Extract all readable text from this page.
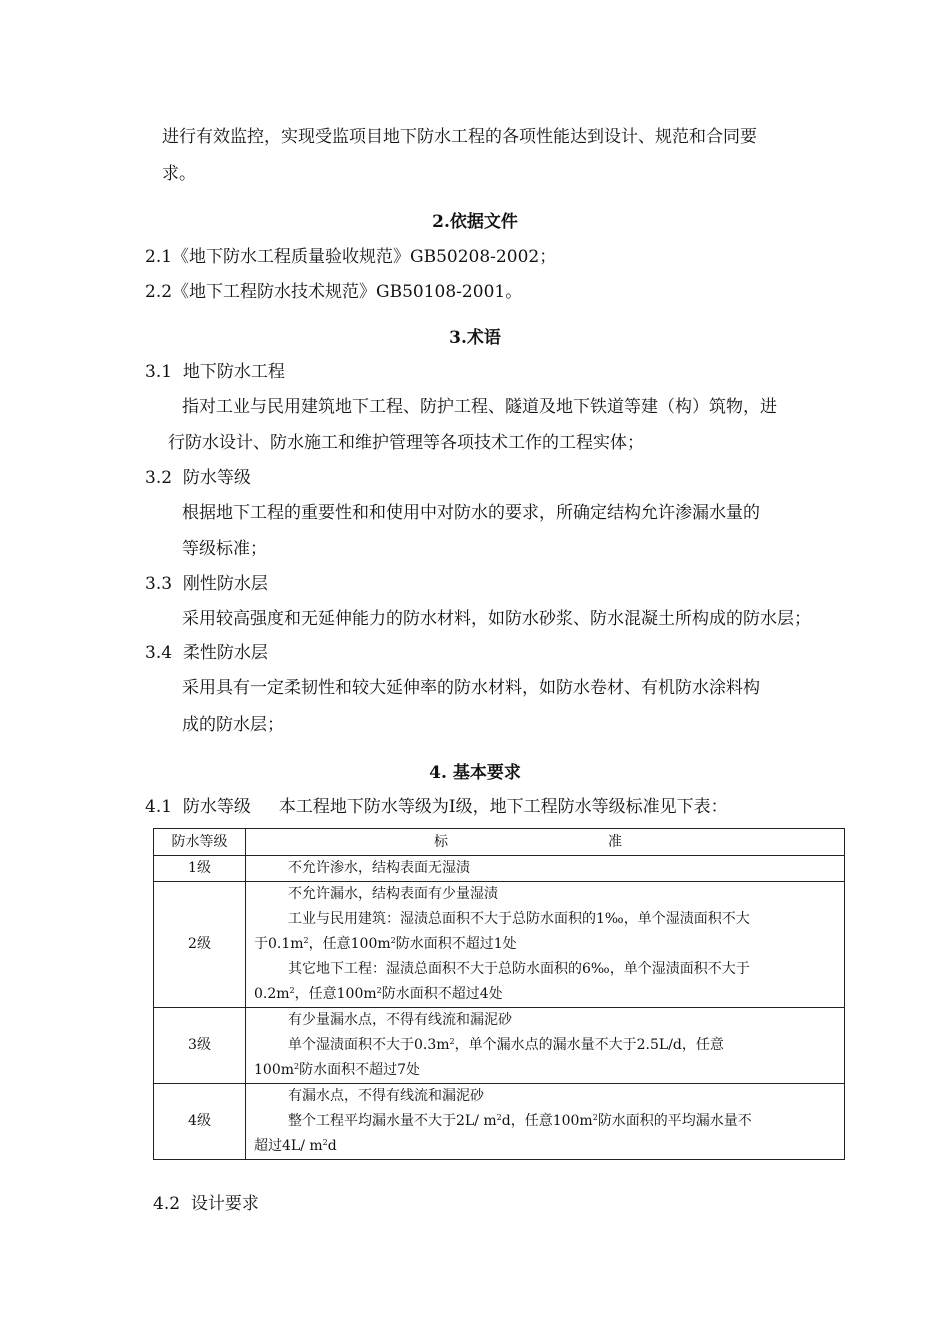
进行有效监控，实现受监项目地下防水工程的各项性能达到设计、规范和合同要
求。
2.依据文件
2.1《地下防水工程质量验收规范》GB50208-2002；
2.2《地下工程防水技术规范》GB50108-2001。
3.术语
3.1 地下防水工程
指对工业与民用建筑地下工程、防护工程、隧道及地下铁道等建（构）筑物，进
行防水设计、防水施工和维护管理等各项技术工作的工程实体；
3.2 防水等级
根据地下工程的重要性和和使用中对防水的要求，所确定结构允许渗漏水量的
等级标准；
3.3 刚性防水层
采用较高强度和无延伸能力的防水材料，如防水砂浆、防水混凝土所构成的防水层；
3.4 柔性防水层
采用具有一定柔韧性和较大延伸率的防水材料，如防水卷材、有机防水涂料构
成的防水层；
4. 基本要求
4.1 防水等级 本工程地下防水等级为Ⅰ级，地下工程防水等级标准见下表：
防水等级	标 准
1级	不允许渗水，结构表面无湿渍

2级	不允许漏水，结构表面有少量湿渍
工业与民用建筑：湿渍总面积不大于总防水面积的1‰，单个湿渍面积不大
于$0.1m^2$，任意$100m^2$防水面积不超过1处
其它地下工程：湿渍总面积不大于总防水面积的6‰，单个湿渍面积不大于
$0.2m^2$，任意$100m^2$防水面积不超过4处

3级	有少量漏水点，不得有线流和漏泥砂
单个湿渍面积不大于$0.3m^2$，单个漏水点的漏水量不大于2.5L/d，任意
$100m^2$防水面积不超过7处

4级	有漏水点，不得有线流和漏泥砂
整个工程平均漏水量不大于2L/ $m^2d$，任意$100m^2$防水面积的平均漏水量不
超过4L/ $m^2d$
4.2 设计要求
